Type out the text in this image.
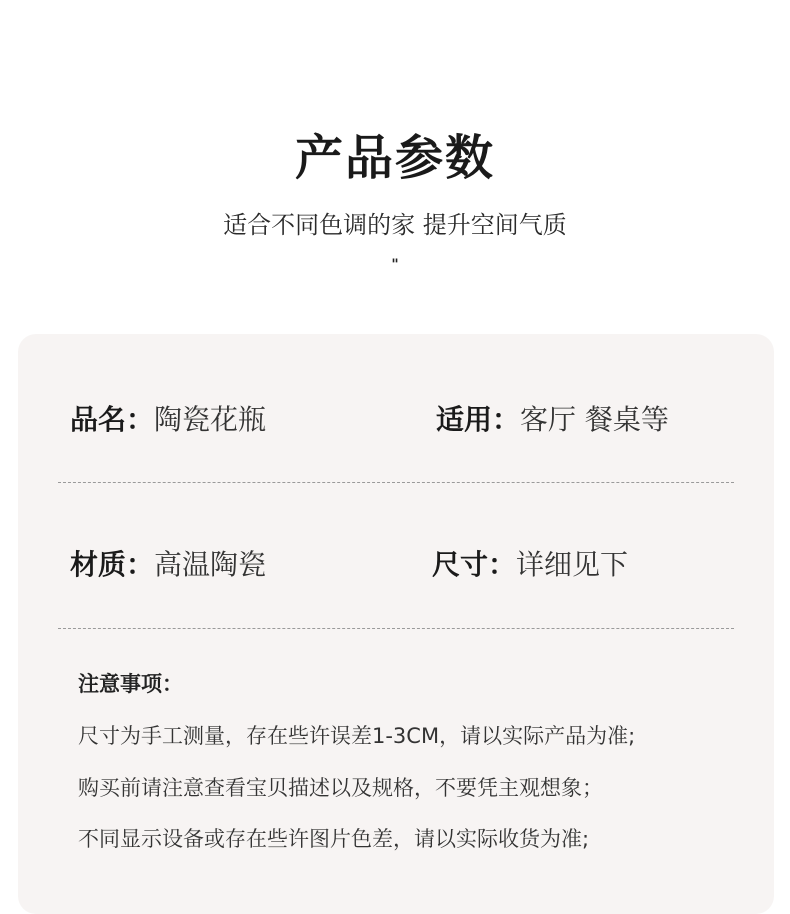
产品参数
适合不同色调的家 提升空间气质
"
品名：陶瓷花瓶	适用：客厅 餐桌等
材质：高温陶瓷	尺寸：详细见下
注意事项：
尺寸为手工测量，存在些许误差1-3CM，请以实际产品为准;
购买前请注意查看宝贝描述以及规格，不要凭主观想象；
不同显示设备或存在些许图片色差，请以实际收货为准;
